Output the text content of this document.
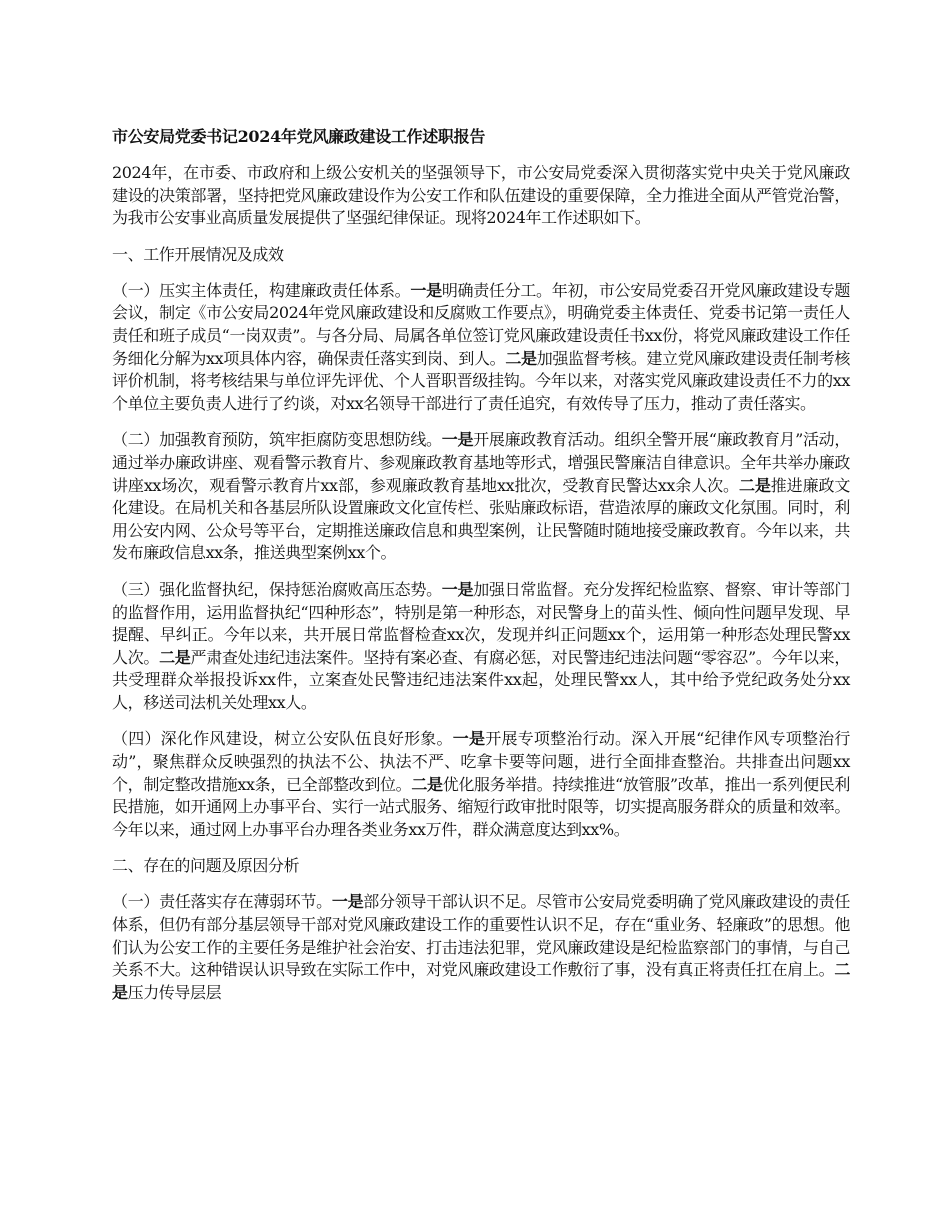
市公安局党委书记2024年党风廉政建设工作述职报告

2024年，在市委、市政府和上级公安机关的坚强领导下，市公安局党委深入贯彻落实党中央关于党风廉政建设的决策部署，坚持把党风廉政建设作为公安工作和队伍建设的重要保障，全力推进全面从严管党治警，为我市公安事业高质量发展提供了坚强纪律保证。现将2024年工作述职如下。

一、工作开展情况及成效

（一）压实主体责任，构建廉政责任体系。一是明确责任分工。年初，市公安局党委召开党风廉政建设专题会议，制定《市公安局2024年党风廉政建设和反腐败工作要点》，明确党委主体责任、党委书记第一责任人责任和班子成员“一岗双责”。与各分局、局属各单位签订党风廉政建设责任书xx份，将党风廉政建设工作任务细化分解为xx项具体内容，确保责任落实到岗、到人。二是加强监督考核。建立党风廉政建设责任制考核评价机制，将考核结果与单位评先评优、个人晋职晋级挂钩。今年以来，对落实党风廉政建设责任不力的xx个单位主要负责人进行了约谈，对xx名领导干部进行了责任追究，有效传导了压力，推动了责任落实。

（二）加强教育预防，筑牢拒腐防变思想防线。一是开展廉政教育活动。组织全警开展“廉政教育月”活动，通过举办廉政讲座、观看警示教育片、参观廉政教育基地等形式，增强民警廉洁自律意识。全年共举办廉政讲座xx场次，观看警示教育片xx部，参观廉政教育基地xx批次，受教育民警达xx余人次。二是推进廉政文化建设。在局机关和各基层所队设置廉政文化宣传栏、张贴廉政标语，营造浓厚的廉政文化氛围。同时，利用公安内网、公众号等平台，定期推送廉政信息和典型案例，让民警随时随地接受廉政教育。今年以来，共发布廉政信息xx条，推送典型案例xx个。

（三）强化监督执纪，保持惩治腐败高压态势。一是加强日常监督。充分发挥纪检监察、督察、审计等部门的监督作用，运用监督执纪“四种形态”，特别是第一种形态，对民警身上的苗头性、倾向性问题早发现、早提醒、早纠正。今年以来，共开展日常监督检查xx次，发现并纠正问题xx个，运用第一种形态处理民警xx人次。二是严肃查处违纪违法案件。坚持有案必查、有腐必惩，对民警违纪违法问题“零容忍”。今年以来，共受理群众举报投诉xx件，立案查处民警违纪违法案件xx起，处理民警xx人，其中给予党纪政务处分xx人，移送司法机关处理xx人。

（四）深化作风建设，树立公安队伍良好形象。一是开展专项整治行动。深入开展“纪律作风专项整治行动”，聚焦群众反映强烈的执法不公、执法不严、吃拿卡要等问题，进行全面排查整治。共排查出问题xx个，制定整改措施xx条，已全部整改到位。二是优化服务举措。持续推进“放管服”改革，推出一系列便民利民措施，如开通网上办事平台、实行一站式服务、缩短行政审批时限等，切实提高服务群众的质量和效率。今年以来，通过网上办事平台办理各类业务xx万件，群众满意度达到xx%。

二、存在的问题及原因分析

（一）责任落实存在薄弱环节。一是部分领导干部认识不足。尽管市公安局党委明确了党风廉政建设的责任体系，但仍有部分基层领导干部对党风廉政建设工作的重要性认识不足，存在“重业务、轻廉政”的思想。他们认为公安工作的主要任务是维护社会治安、打击违法犯罪，党风廉政建设是纪检监察部门的事情，与自己关系不大。这种错误认识导致在实际工作中，对党风廉政建设工作敷衍了事，没有真正将责任扛在肩上。二是压力传导层层
